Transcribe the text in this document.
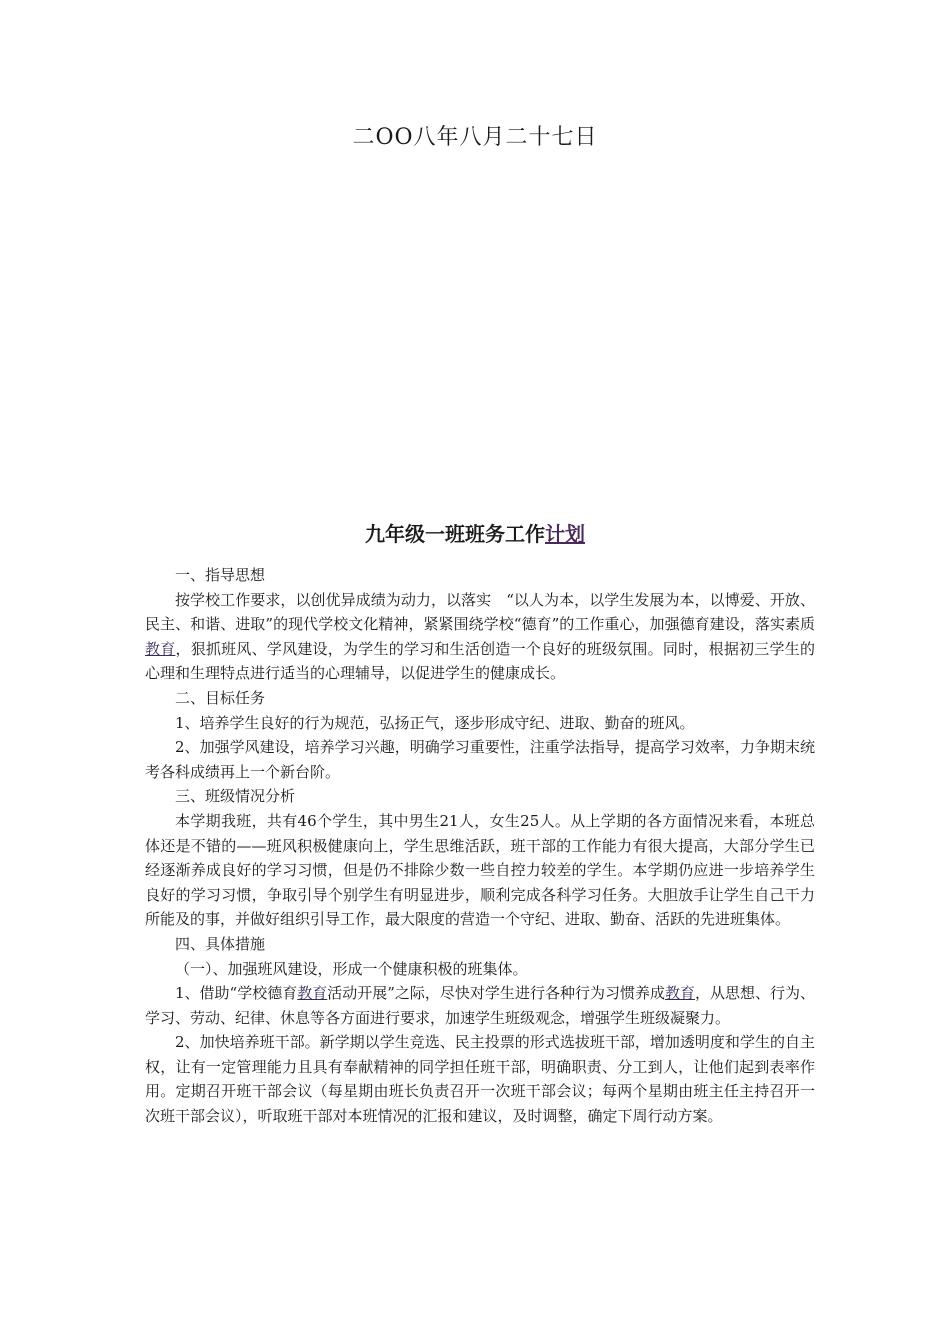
二OO八年八月二十七日
九年级一班班务工作计划

一、指导思想

按学校工作要求，以创优异成绩为动力，以落实　“以人为本，以学生发展为本，以博爱、开放、民主、和谐、进取”的现代学校文化精神，紧紧围绕学校“德育”的工作重心，加强德育建设，落实素质教育，狠抓班风、学风建设，为学生的学习和生活创造一个良好的班级氛围。同时，根据初三学生的心理和生理特点进行适当的心理辅导，以促进学生的健康成长。

二、目标任务

1、培养学生良好的行为规范，弘扬正气，逐步形成守纪、进取、勤奋的班风。

2、加强学风建设，培养学习兴趣，明确学习重要性，注重学法指导，提高学习效率，力争期末统考各科成绩再上一个新台阶。

三、班级情况分析

本学期我班，共有46个学生，其中男生21人，女生25人。从上学期的各方面情况来看，本班总体还是不错的——班风积极健康向上，学生思维活跃，班干部的工作能力有很大提高，大部分学生已经逐渐养成良好的学习习惯，但是仍不排除少数一些自控力较差的学生。本学期仍应进一步培养学生良好的学习习惯，争取引导个别学生有明显进步，顺利完成各科学习任务。大胆放手让学生自己干力所能及的事，并做好组织引导工作，最大限度的营造一个守纪、进取、勤奋、活跃的先进班集体。

四、具体措施

（一）、加强班风建设，形成一个健康积极的班集体。

1、借助“学校德育教育活动开展”之际，尽快对学生进行各种行为习惯养成教育，从思想、行为、学习、劳动、纪律、休息等各方面进行要求，加速学生班级观念，增强学生班级凝聚力。

2、加快培养班干部。新学期以学生竞选、民主投票的形式选拔班干部，增加透明度和学生的自主权，让有一定管理能力且具有奉献精神的同学担任班干部，明确职责、分工到人，让他们起到表率作用。定期召开班干部会议（每星期由班长负责召开一次班干部会议；每两个星期由班主任主持召开一次班干部会议），听取班干部对本班情况的汇报和建议，及时调整，确定下周行动方案。
